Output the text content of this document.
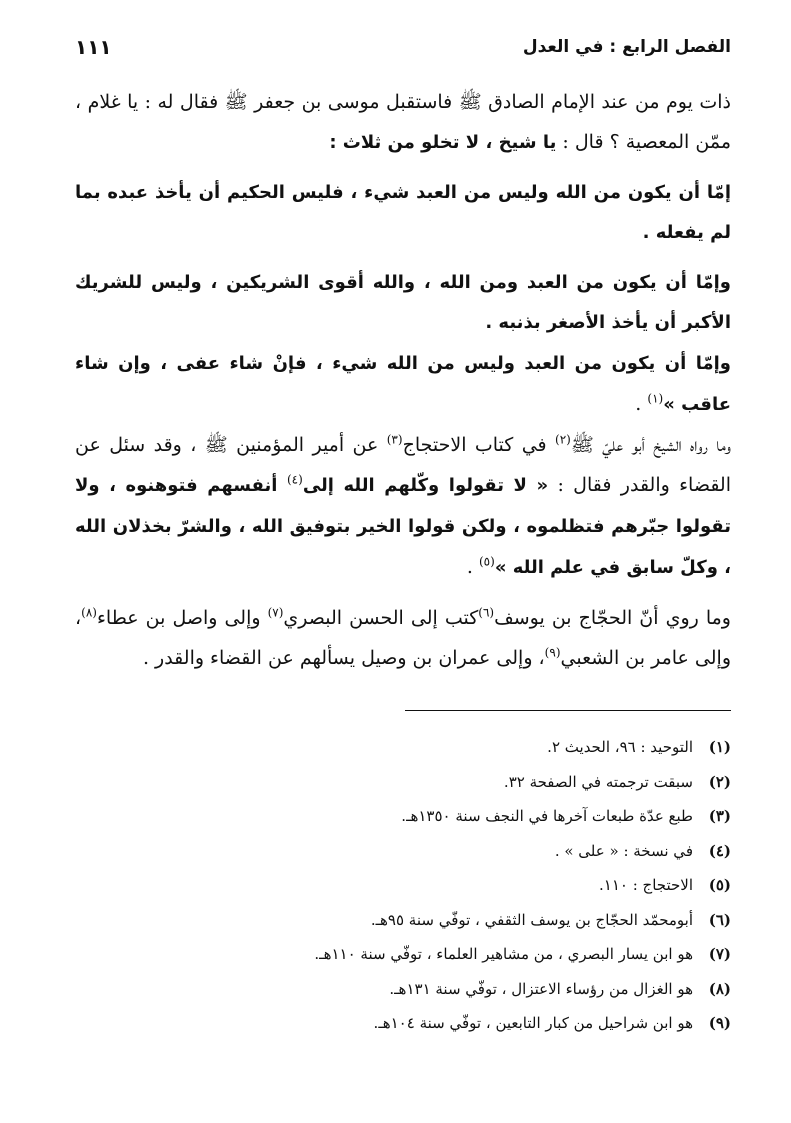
الفصل الرابع : في العدل
١١١

ذات يوم من عند الإمام الصادق ﷺ فاستقبل موسى بن جعفر ﷺ فقال له : يا غلام ، ممّن المعصية ؟ قال : يا شيخ ، لا تخلو من ثلاث :

إمّا أن يكون من الله وليس من العبد شيء ، فليس الحكيم أن يأخذ عبده بما لم يفعله .

وإمّا أن يكون من العبد ومن الله ، والله أقوى الشريكين ، وليس للشريك الأكبر أن يأخذ الأصغر بذنبه .

وإمّا أن يكون من العبد وليس من الله شيء ، فإنْ شاء عفى ، وإن شاء عاقب »$^{(١)}$ .

وما رواه الشيخ أبو عليّ ﷺ$^{(٢)}$ في كتاب الاحتجاج$^{(٣)}$ عن أمير المؤمنين ﷺ ، وقد سئل عن القضاء والقدر فقال : « لا تقولوا وكّلهم الله إلى$^{(٤)}$ أنفسهم فتوهنوه ، ولا تقولوا جبّرهم فتظلموه ، ولكن قولوا الخير بتوفيق الله ، والشرّ بخذلان الله ، وكلّ سابق في علم الله »$^{(٥)}$ .

وما روي أنّ الحجّاج بن يوسف$^{(٦)}$كتب إلى الحسن البصري$^{(٧)}$ وإلى واصل بن عطاء$^{(٨)}$، وإلى عامر بن الشعبي$^{(٩)}$، وإلى عمران بن وصيل يسألهم عن القضاء والقدر .

(١)
التوحيد : ٩٦، الحديث ٢.
(٢)
سبقت ترجمته في الصفحة ٣٢.
(٣)
طبع عدّة طبعات آخرها في النجف سنة ١٣٥٠هـ.
(٤)
في نسخة : « على » .
(٥)
الاحتجاج : ١١٠.
(٦)
أبومحمّد الحجّاج بن يوسف الثقفي ، توفّي سنة ٩٥هـ.
(٧)
هو ابن يسار البصري ، من مشاهير العلماء ، توفّي سنة ١١٠هـ.
(٨)
هو الغزال من رؤساء الاعتزال ، توفّي سنة ١٣١هـ.
(٩)
هو ابن شراحيل من كبار التابعين ، توفّي سنة ١٠٤هـ.
